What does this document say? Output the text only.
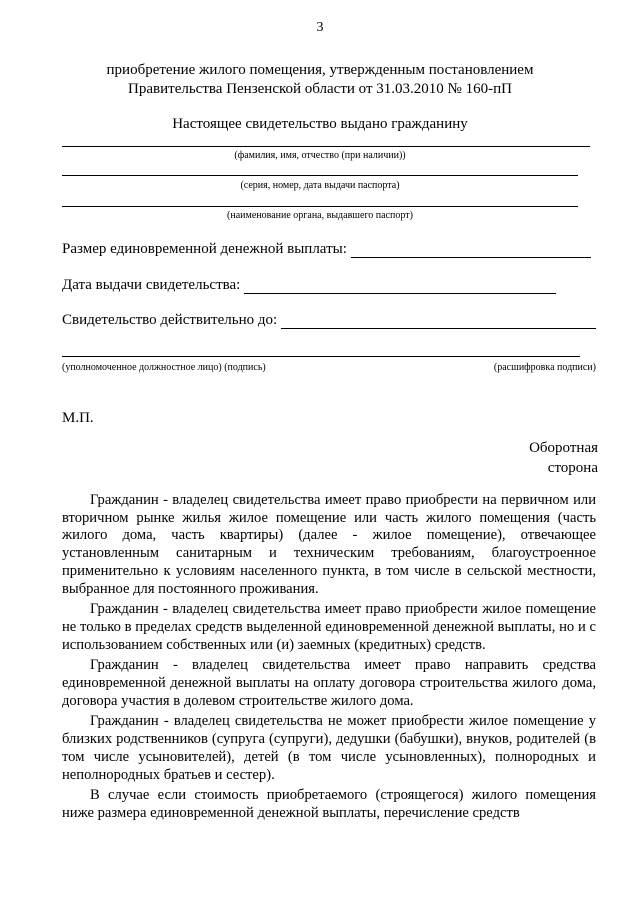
3
приобретение жилого помещения, утвержденным постановлением
Правительства Пензенской области от 31.03.2010 № 160-пП
Настоящее свидетельство выдано гражданину
(фамилия, имя, отчество (при наличии))
(серия, номер, дата выдачи паспорта)
(наименование органа, выдавшего паспорт)
Размер единовременной денежной выплаты:
Дата выдачи свидетельства:
Свидетельство действительно до:
(уполномоченное должностное лицо) (подпись)	(расшифровка подписи)
М.П.
Оборотная
сторона

Гражданин - владелец свидетельства имеет право приобрести на первичном или вторичном рынке жилья жилое помещение или часть жилого помещения (часть жилого дома, часть квартиры) (далее - жилое помещение), отвечающее установленным санитарным и техническим требованиям, благоустроенное применительно к условиям населенного пункта, в том числе в сельской местности, выбранное для постоянного проживания.

Гражданин - владелец свидетельства имеет право приобрести жилое помещение не только в пределах средств выделенной единовременной денежной выплаты, но и с использованием собственных или (и) заемных (кредитных) средств.

Гражданин - владелец свидетельства имеет право направить средства единовременной денежной выплаты на оплату договора строительства жилого дома, договора участия в долевом строительстве жилого дома.

Гражданин - владелец свидетельства не может приобрести жилое помещение у близких родственников (супруга (супруги), дедушки (бабушки), внуков, родителей (в том числе усыновителей), детей (в том числе усыновленных), полнородных и неполнородных братьев и сестер).

В случае если стоимость приобретаемого (строящегося) жилого помещения ниже размера единовременной денежной выплаты, перечисление средств
